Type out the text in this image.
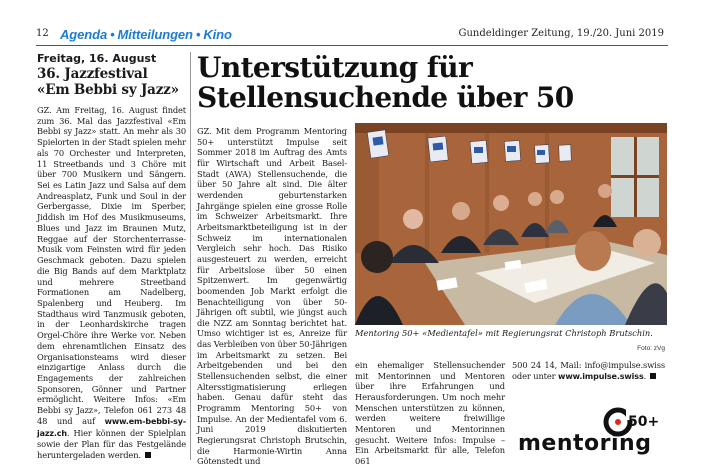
12 Agenda • Mitteilungen • Kino	Gundeldinger Zeitung, 19./20. Juni 2019
Freitag, 16. August
36. Jazzfestival
«Em Bebbi sy Jazz»

GZ. Am Freitag, 16. August findet zum 36. Mal das Jazzfestival «Em Bebbi sy Jazz» statt. An mehr als 30 Spielorten in der Stadt spielen mehr als 70 Orchester und Interpreten, 11 Streetbands und 3 Chöre mit über 700 Musikern und Sängern. Sei es Latin Jazz und Salsa auf dem Andreasplatz, Funk und Soul in der Gerbergasse, Dixie im Sperber, Jiddish im Hof des Musikmuseums, Blues und Jazz im Braunen Mutz, Reggae auf der Storchenterrasse-Musik vom Feinsten wird für jeden Geschmack geboten. Dazu spielen die Big Bands auf dem Marktplatz und mehrere Streetband Formationen am Nadelberg, Spalenberg und Heuberg. Im Stadthaus wird Tanzmusik geboten, in der Leonhardskirche tragen Orgel-Chöre ihre Werke vor. Neben dem ehrenamtlichen Einsatz des Organisationsteams wird dieser einzigartige Anlass durch die Engagements der zahlreichen Sponsoren, Gönner und Partner ermöglicht. Weitere Infos: «Em Bebbi sy Jazz», Telefon 061 273 48 48 und auf www.em-bebbi-sy-jazz.ch. Hier können der Spielplan sowie der Plan für das Festgelände heruntergeladen werden.

Unterstützung für
Stellensuchende über 50

GZ. Mit dem Programm Mentoring 50+ unterstützt Impulse seit Sommer 2018 im Auftrag des Amts für Wirtschaft und Arbeit Basel-Stadt (AWA) Stellensuchende, die über 50 Jahre alt sind. Die älter werdenden geburtenstarken Jahrgänge spielen eine grosse Rolle im Schweizer Arbeitsmarkt. Ihre Arbeitsmarktbeteiligung ist in der Schweiz im internationalen Vergleich sehr hoch. Das Risiko ausgesteuert zu werden, erreicht für Arbeitslose über 50 einen Spitzenwert. Im gegenwärtig boomenden Job Markt erfolgt die Benachteiligung von über 50-Jährigen oft subtil, wie jüngst auch die NZZ am Sonntag berichtet hat. Umso wichtiger ist es, Anreize für das Verbleiben von über 50-Jährigen im Arbeitsmarkt zu setzen. Bei Arbeitgebenden und bei den Stellensuchenden selbst, die einer Altersstigmatisierung erliegen haben. Genau dafür steht das Programm Mentoring 50+ von Impulse. An der Medientafel vom 6. Juni 2019 diskutierten Regierungsrat Christoph Brutschin, die Harmonie-Wirtin Anna Götenstedt und

Mentoring 50+ «Medientafel» mit Regierungsrat Christoph Brutschin.

Foto: zVg

ein ehemaliger Stellensuchender mit Mentorinnen und Mentoren über ihre Erfahrungen und Herausforderungen. Um noch mehr Menschen unterstützen zu können, werden weitere freiwillige Mentoren und Mentorinnen gesucht. Weitere Infos: Impulse – Ein Arbeitsmarkt für alle, Telefon 061

500 24 14, Mail: info@impulse.swiss oder unter www.impulse.swiss.

50+
mentoring
